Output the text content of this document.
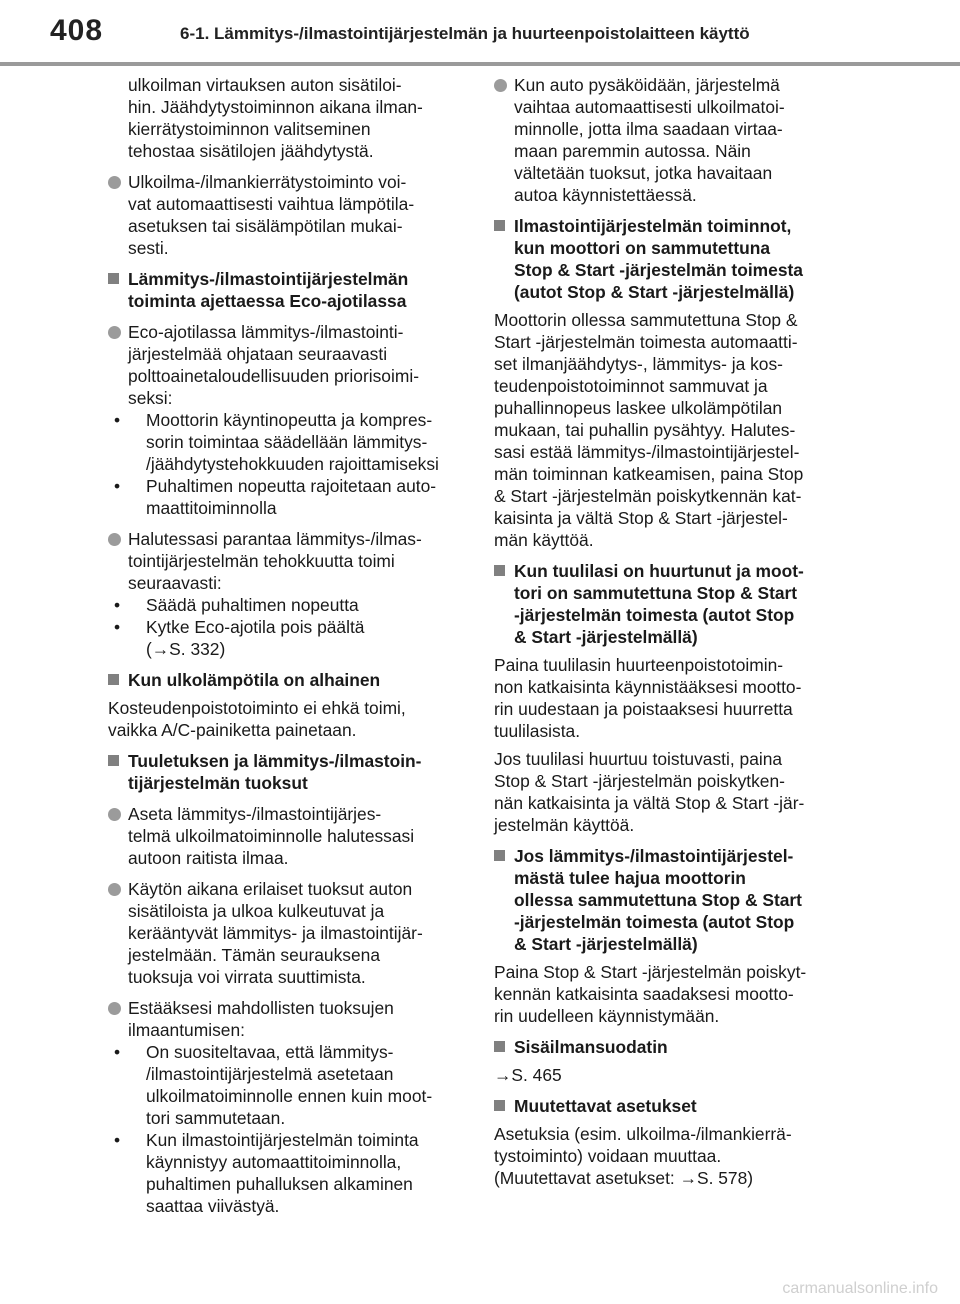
408	6-1. Lämmitys-/ilmastointijärjestelmän ja huurteenpoistolaitteen käyttö

ulkoilman virtauksen auton sisätiloi-

hin. Jäähdytystoiminnon aikana ilman-

kierrätystoiminnon valitseminen

tehostaa sisätilojen jäähdytystä.

Ulkoilma-/ilmankierrätystoiminto voi-

vat automaattisesti vaihtua lämpötila-

asetuksen tai sisälämpötilan mukai-

sesti.

Lämmitys-/ilmastointijärjestelmän

toiminta ajettaessa Eco-ajotilassa

Eco-ajotilassa lämmitys-/ilmastointi-

järjestelmää ohjataan seuraavasti

polttoainetaloudellisuuden priorisoimi-

seksi:

• Moottorin käyntinopeutta ja kompres-

sorin toimintaa säädellään lämmitys-

/jäähdytystehokkuuden rajoittamiseksi

• Puhaltimen nopeutta rajoitetaan auto-

maattitoiminnolla

Halutessasi parantaa lämmitys-/ilmas-

tointijärjestelmän tehokkuutta toimi

seuraavasti:

• Säädä puhaltimen nopeutta

• Kytke Eco-ajotila pois päältä

(→S. 332)

Kun ulkolämpötila on alhainen

Kosteudenpoistotoiminto ei ehkä toimi,

vaikka A/C-painiketta painetaan.

Tuuletuksen ja lämmitys-/ilmastoin-

tijärjestelmän tuoksut

Aseta lämmitys-/ilmastointijärjes-

telmä ulkoilmatoiminnolle halutessasi

autoon raitista ilmaa.

Käytön aikana erilaiset tuoksut auton

sisätiloista ja ulkoa kulkeutuvat ja

kerääntyvät lämmitys- ja ilmastointijär-

jestelmään. Tämän seurauksena

tuoksuja voi virrata suuttimista.

Estääksesi mahdollisten tuoksujen

ilmaantumisen:

• On suositeltavaa, että lämmitys-

/ilmastointijärjestelmä asetetaan

ulkoilmatoiminnolle ennen kuin moot-

tori sammutetaan.

• Kun ilmastointijärjestelmän toiminta

käynnistyy automaattitoiminnolla,

puhaltimen puhalluksen alkaminen

saattaa viivästyä.

Kun auto pysäköidään, järjestelmä

vaihtaa automaattisesti ulkoilmatoi-

minnolle, jotta ilma saadaan virtaa-

maan paremmin autossa. Näin

vältetään tuoksut, jotka havaitaan

autoa käynnistettäessä.

Ilmastointijärjestelmän toiminnot,

kun moottori on sammutettuna

Stop & Start -järjestelmän toimesta

(autot Stop & Start -järjestelmällä)

Moottorin ollessa sammutettuna Stop &

Start -järjestelmän toimesta automaatti-

set ilmanjäähdytys-, lämmitys- ja kos-

teudenpoistotoiminnot sammuvat ja

puhallinnopeus laskee ulkolämpötilan

mukaan, tai puhallin pysähtyy. Halutes-

sasi estää lämmitys-/ilmastointijärjestel-

män toiminnan katkeamisen, paina Stop

& Start -järjestelmän poiskytkennän kat-

kaisinta ja vältä Stop & Start -järjestel-

män käyttöä.

Kun tuulilasi on huurtunut ja moot-

tori on sammutettuna Stop & Start

-järjestelmän toimesta (autot Stop

& Start -järjestelmällä)

Paina tuulilasin huurteenpoistotoimin-

non katkaisinta käynnistääksesi mootto-

rin uudestaan ja poistaaksesi huurretta

tuulilasista.

Jos tuulilasi huurtuu toistuvasti, paina

Stop & Start -järjestelmän poiskytken-

nän katkaisinta ja vältä Stop & Start -jär-

jestelmän käyttöä.

Jos lämmitys-/ilmastointijärjestel-

mästä tulee hajua moottorin

ollessa sammutettuna Stop & Start

-järjestelmän toimesta (autot Stop

& Start -järjestelmällä)

Paina Stop & Start -järjestelmän poiskyt-

kennän katkaisinta saadaksesi mootto-

rin uudelleen käynnistymään.

Sisäilmansuodatin

→S. 465

Muutettavat asetukset

Asetuksia (esim. ulkoilma-/ilmankierrä-

tystoiminto) voidaan muuttaa.

(Muutettavat asetukset: →S. 578)

carmanualsonline.info
